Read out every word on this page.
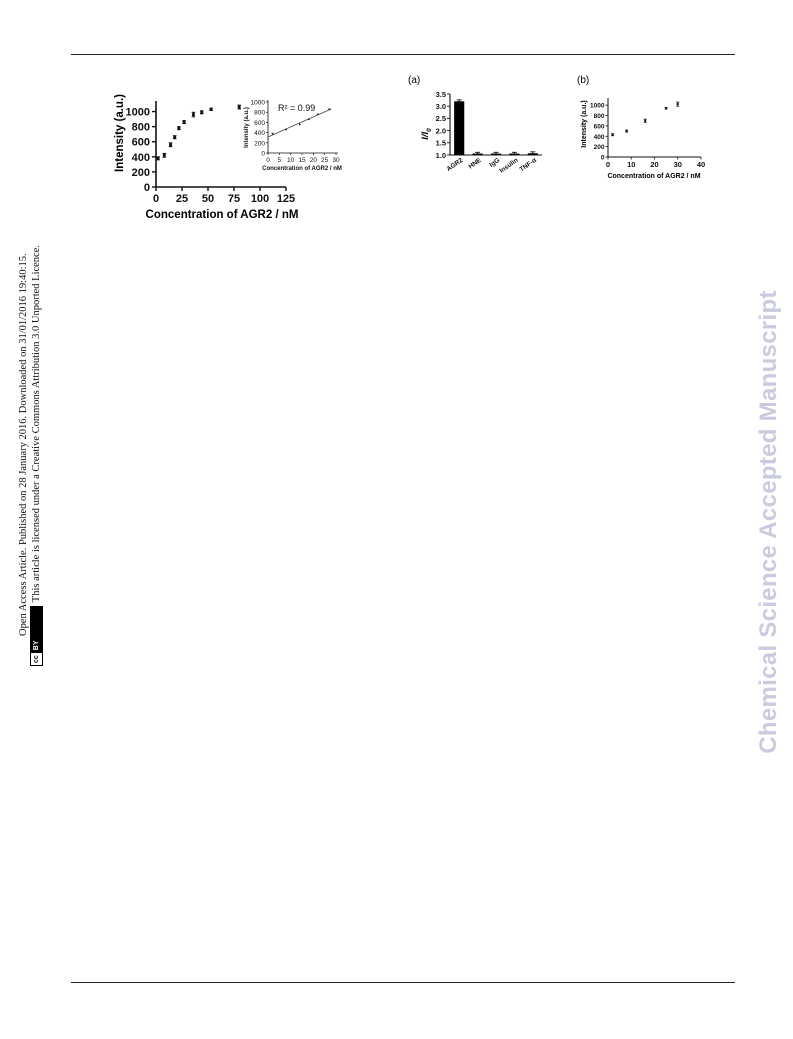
Intensity (a.u.)
Concentration of AGR2 / nM
0
200
400
600
800
1000
0 25 50 75 100 125
0
200
400
600
800
1000
0 5 10 15 20 25 30
R² = 0.99
Concentration of AGR2 / nM
Intensity (a.u.)
(a)
$I/I_0$
1.0
1.5
2.0
2.5
3.0
3.5
AGR2 HNE IgG
Insulin
TNF-α
(b)
Intensity (a.u.)
Concentration of AGR2 / nM
0
200
400
600
800
1000
0 10 20 30 40
Open Access Article. Published on 28 January 2016. Downloaded on 31/01/2016 19:40:15.
cc
BY
This article is licensed under a Creative Commons Attribution 3.0 Unported Licence.	Chemical Science Accepted Manuscript
